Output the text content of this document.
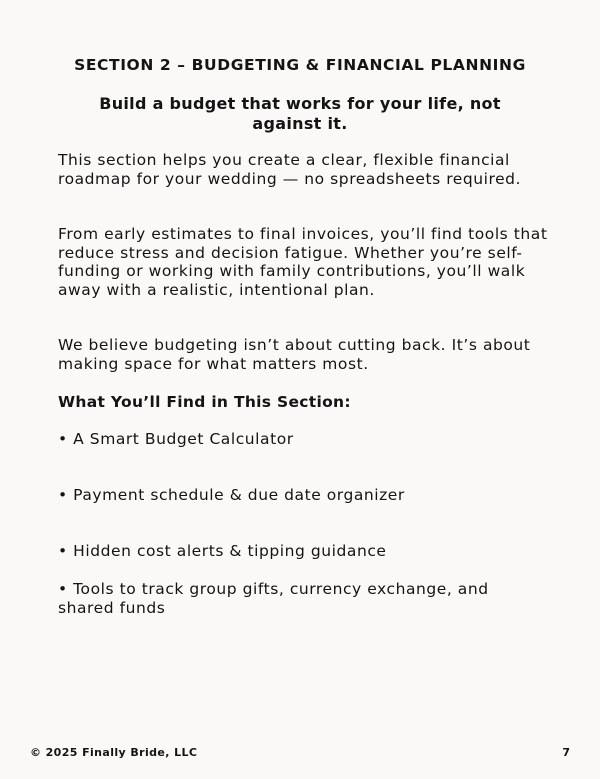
SECTION 2 – BUDGETING & FINANCIAL PLANNING
Build a budget that works for your life, not against it.

This section helps you create a clear, flexible financial roadmap for your wedding — no spreadsheets required.

From early estimates to final invoices, you’ll find tools that reduce stress and decision fatigue. Whether you’re self-funding or working with family contributions, you’ll walk away with a realistic, intentional plan.

We believe budgeting isn’t about cutting back. It’s about making space for what matters most.

What You’ll Find in This Section:

• A Smart Budget Calculator

• Payment schedule & due date organizer

• Hidden cost alerts & tipping guidance

• Tools to track group gifts, currency exchange, and shared funds

© 2025 Finally Bride, LLC	7
